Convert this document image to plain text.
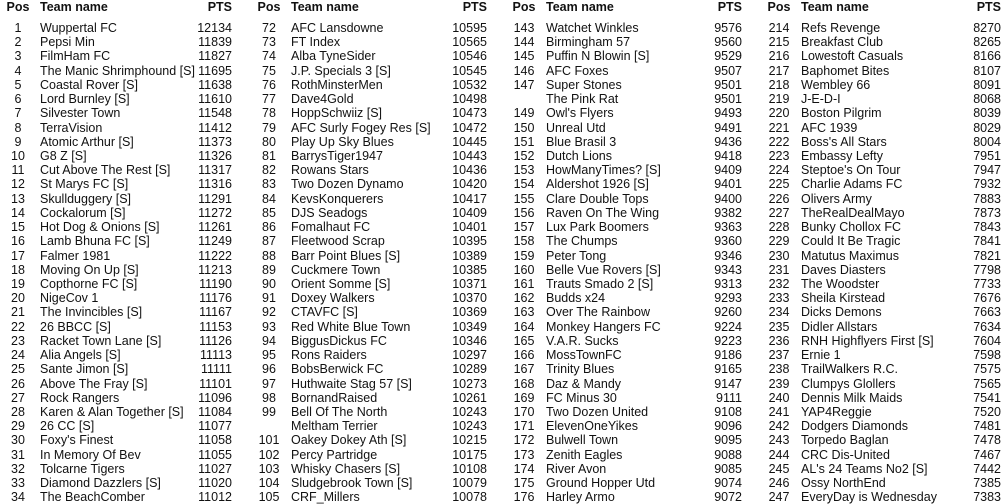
Pos Team name	PTS
1	Wuppertal FC	12134
2	Pepsi Min	11839
3	FilmHam FC	11827
4	The Manic Shrimphound [S] 11695
5	Coastal Rover [S]	11638
6	Lord Burnley [S]	11610
7	Silvester Town	11548
8	TerraVision	11412
9	Atomic Arthur [S]	11373
10	G8 Z [S]	11326
11	Cut Above The Rest [S] 11317
12	St Marys FC [S]	11316
13	Skullduggery [S]	11291
14	Cockalorum [S]	11272
15	Hot Dog & Onions [S]	11261
16	Lamb Bhuna FC [S]	11249
17	Falmer 1981	11222
18	Moving On Up [S]	11213
19	Copthorne FC [S]	11190
20	NigeCov 1	11176
21	The Invincibles [S]	11167
22	26 BBCC [S]	11153
23	Racket Town Lane [S]	11126
24	Alia Angels [S]	11113
25	Sante Jimon [S]	11111
26	Above The Fray [S]	11101
27	Rock Rangers	11096
28	Karen & Alan Together [S] 11084
29	26 CC [S]	11077
30	Foxy's Finest	11058
31	In Memory Of Bev	11055
32	Tolcarne Tigers	11027
33	Diamond Dazzlers [S]	11020
34	The BeachComber	11012
Pos Team name	PTS
72	AFC Lansdowne	10595
73	FT Index	10565
74	Alba TyneSider	10546
75	J.P. Specials 3 [S]	10545
76	RothMinsterMen	10532
77	Dave4Gold	10498
78	HoppSchwiiz [S]	10473
79	AFC Surly Fogey Res [S] 10472
80	Play Up Sky Blues	10445
81	BarrysTiger1947	10443
82	Rowans Stars	10436
83	Two Dozen Dynamo	10420
84	KevsKonquerers	10417
85	DJS Seadogs	10409
86	Fomalhaut FC	10401
87	Fleetwood Scrap	10395
88	Barr Point Blues [S]	10389
89	Cuckmere Town	10385
90	Orient Somme [S]	10371
91	Doxey Walkers	10370
92	CTAVFC [S]	10369
93	Red White Blue Town	10349
94	BiggusDickus FC	10346
95	Rons Raiders	10297
96	BobsBerwick FC	10289
97	Huthwaite Stag 57 [S]	10273
98	BornandRaised	10261
99	Bell Of The North	10243
Meltham Terrier	10243
101 Oakey Dokey Ath [S]	10215
102 Percy Partridge	10175
103 Whisky Chasers [S]	10108
104 Sludgebrook Town [S]	10079
105 CRF_Millers	10078
Pos Team name	PTS
143 Watchet Winkles	9576
144 Birmingham 57	9560
145 Puffin N Blowin [S]	9529
146 AFC Foxes	9507
147 Super Stones	9501
The Pink Rat	9501
149 Owl's Flyers	9493
150 Unreal Utd	9491
151 Blue Brasil 3	9436
152 Dutch Lions	9418
153 HowManyTimes? [S]	9409
154 Aldershot 1926 [S]	9401
155 Clare Double Tops	9400
156 Raven On The Wing	9382
157 Lux Park Boomers	9363
158 The Chumps	9360
159 Peter Tong	9346
160 Belle Vue Rovers [S]	9343
161 Trauts Smado 2 [S]	9313
162 Budds x24	9293
163 Over The Rainbow	9260
164 Monkey Hangers FC	9224
165 V.A.R. Sucks	9223
166 MossTownFC	9186
167 Trinity Blues	9165
168 Daz & Mandy	9147
169 FC Minus 30	9111
170 Two Dozen United	9108
171 ElevenOneYikes	9096
172 Bulwell Town	9095
173 Zenith Eagles	9088
174 River Avon	9085
175 Ground Hopper Utd	9074
176 Harley Armo	9072
Pos Team name	PTS
214 Refs Revenge	8270
215 Breakfast Club	8265
216 Lowestoft Casuals	8166
217 Baphomet Bites	8107
218 Wembley 66	8091
219 J-E-D-I	8068
220 Boston Pilgrim	8039
221 AFC 1939	8029
222 Boss's All Stars	8004
223 Embassy Lefty	7951
224 Steptoe's On Tour	7947
225 Charlie Adams FC	7932
226 Olivers Army	7883
227 TheRealDealMayo	7873
228 Bunky Chollox FC	7843
229 Could It Be Tragic	7841
230 Matutus Maximus	7821
231 Daves Diasters	7798
232 The Woodster	7733
233 Sheila Kirstead	7676
234 Dicks Demons	7663
235 Didler Allstars	7634
236 RNH Highflyers First [S]	7604
237 Ernie 1	7598
238 TrailWalkers R.C.	7575
239 Clumpys Glollers	7565
240 Dennis Milk Maids	7541
241 YAP4Reggie	7520
242 Dodgers Diamonds	7481
243 Torpedo Baglan	7478
244 CRC Dis-United	7467
245 AL's 24 Teams No2 [S]	7442
246 Ossy NorthEnd	7385
247 EveryDay is Wednesday	7383
